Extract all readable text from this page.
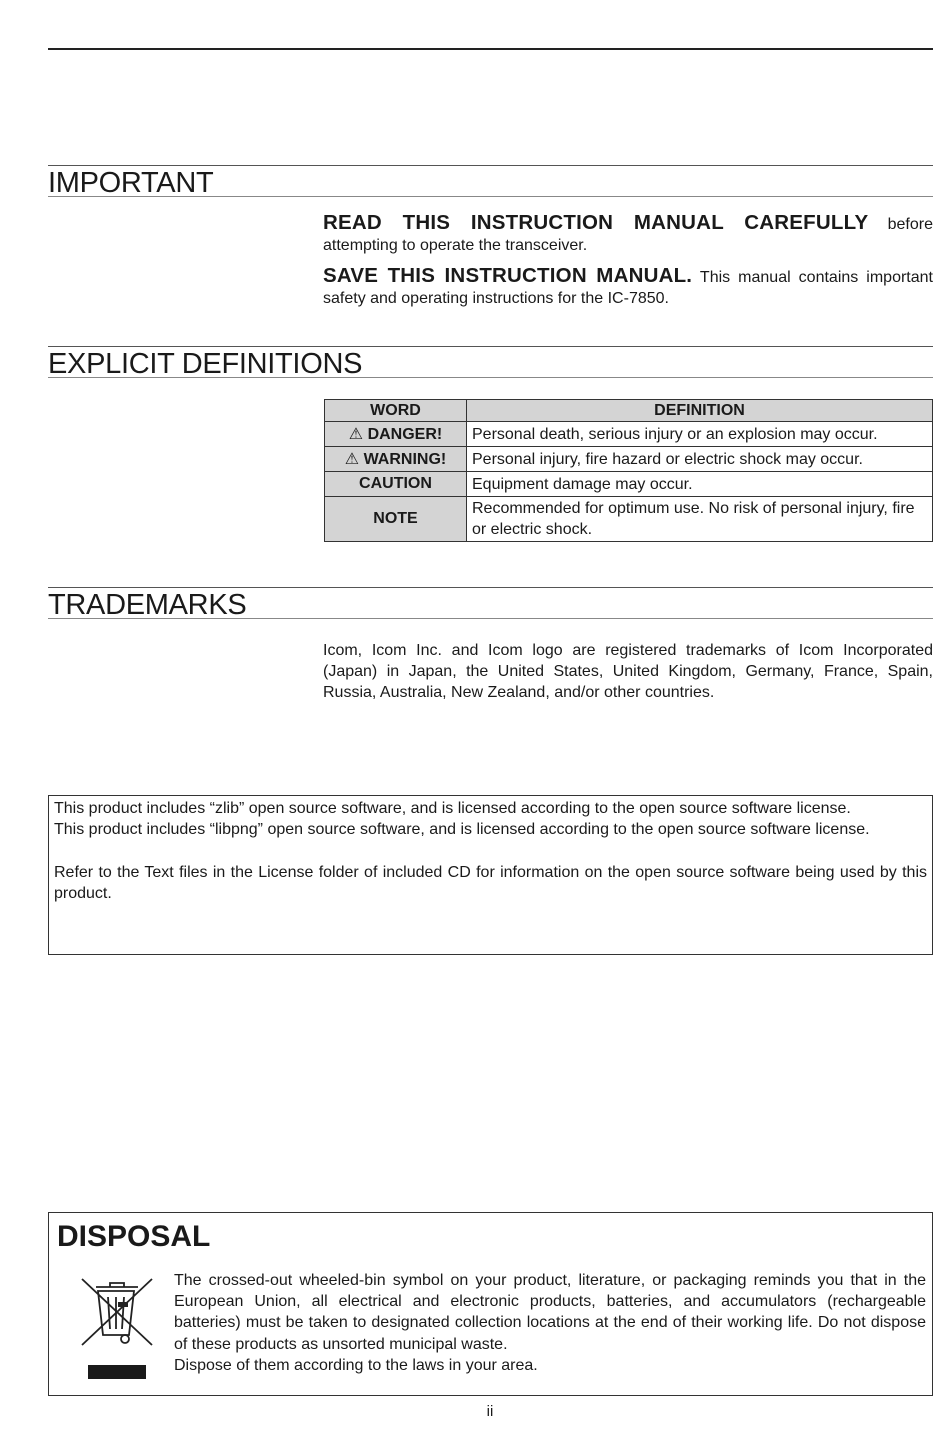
IMPORTANT

READ THIS INSTRUCTION MANUAL CAREFULLY before attempting to operate the transceiver.

SAVE THIS INSTRUCTION MANUAL. This manual contains important safety and operating instructions for the IC-7850.

EXPLICIT DEFINITIONS
WORD	DEFINITION
⚠ DANGER!	Personal death, serious injury or an explosion may occur.
⚠ WARNING!	Personal injury, fire hazard or electric shock may occur.
CAUTION	Equipment damage may occur.
NOTE	Recommended for optimum use. No risk of personal injury, fire or electric shock.
TRADEMARKS

Icom, Icom Inc. and Icom logo are registered trademarks of Icom Incorporated (Japan) in Japan, the United States, United Kingdom, Germany, France, Spain, Russia, Australia, New Zealand, and/or other countries.

This product includes “zlib” open source software, and is licensed according to the open source software license.

This product includes “libpng” open source software, and is licensed according to the open source software license.

Refer to the Text files in the License folder of included CD for information on the open source software being used by this product.

DISPOSAL

The crossed-out wheeled-bin symbol on your product, literature, or packaging reminds you that in the European Union, all electrical and electronic products, batteries, and accumulators (rechargeable batteries) must be taken to designated collection locations at the end of their working life. Do not dispose of these products as unsorted municipal waste.
Dispose of them according to the laws in your area.

ii
